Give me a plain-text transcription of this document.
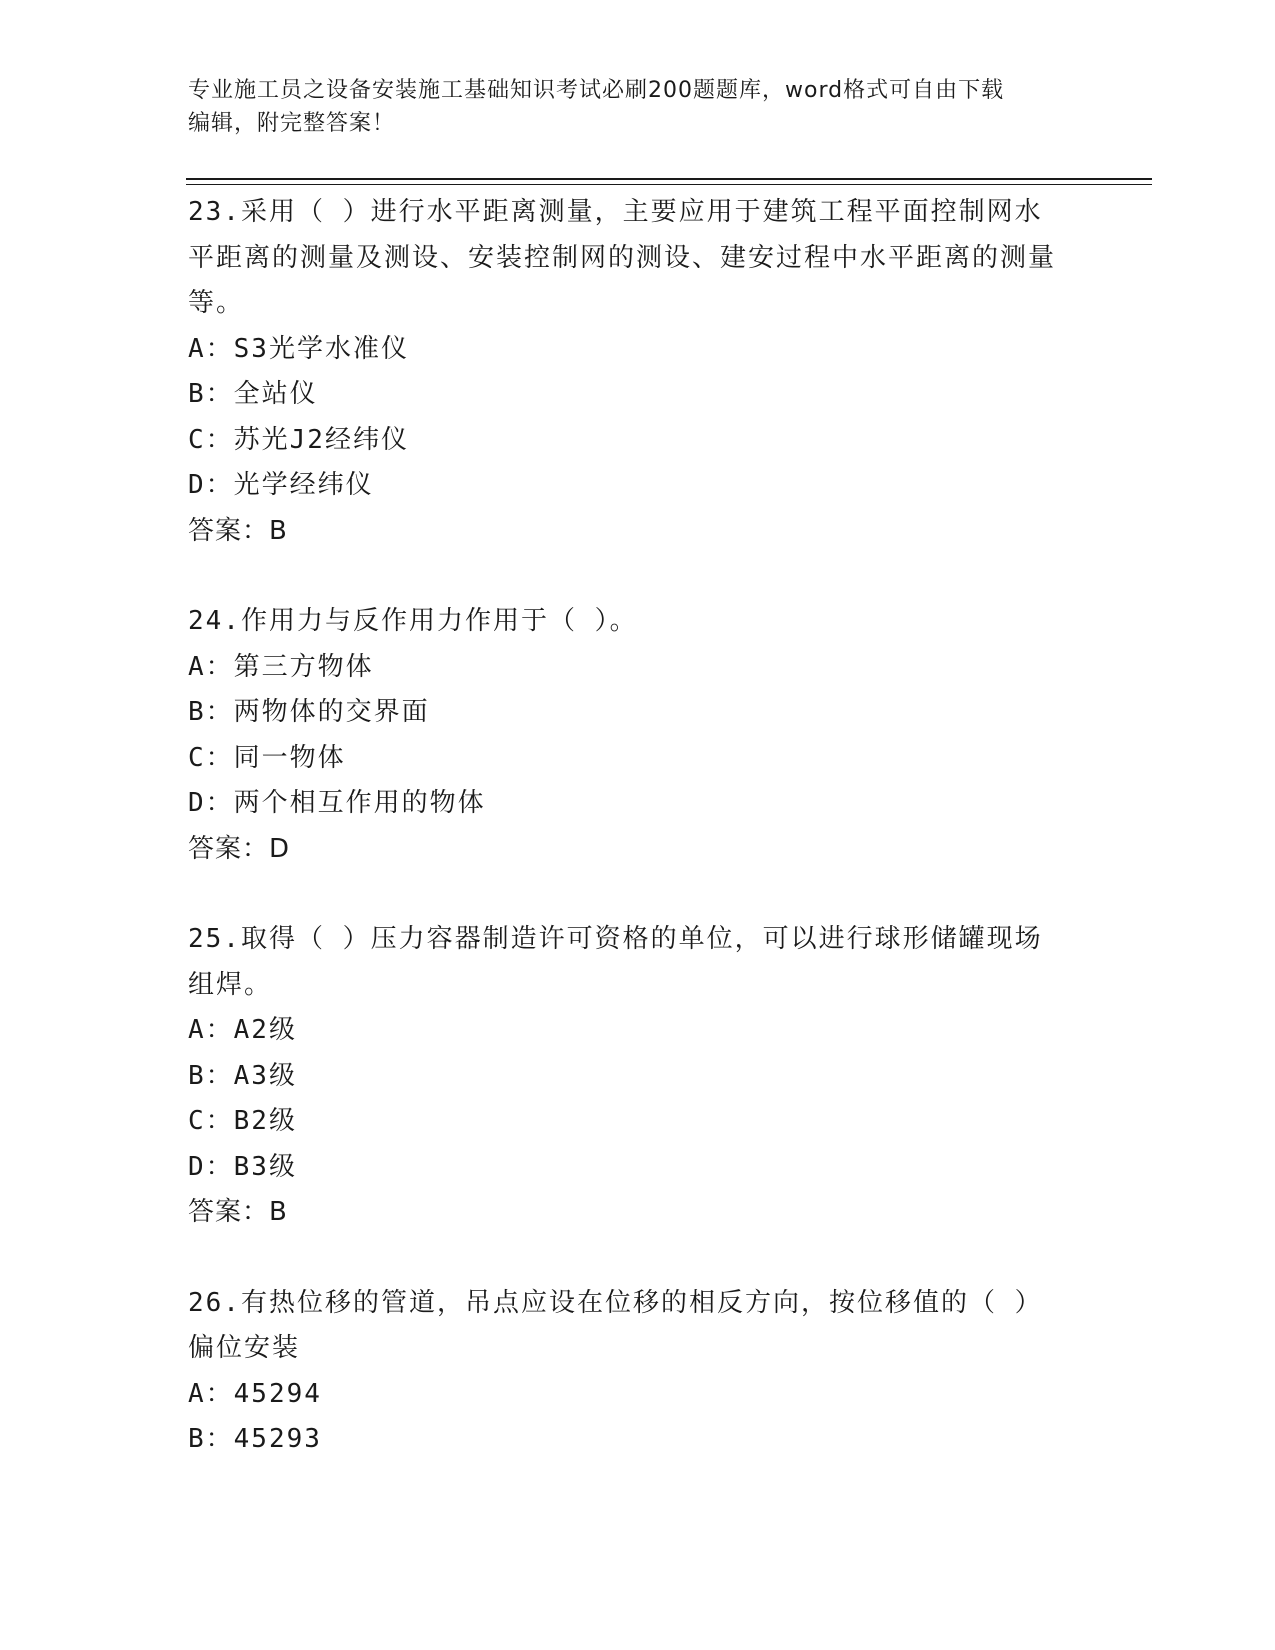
专业施工员之设备安装施工基础知识考试必刷200题题库，word格式可自由下载
编辑，附完整答案！

23.采用（ ）进行水平距离测量，主要应用于建筑工程平面控制网水平距离的测量及测设、安装控制网的测设、建安过程中水平距离的测量等。

A：S3光学水准仪

B：全站仪

C：苏光J2经纬仪

D：光学经纬仪

答案：B

24.作用力与反作用力作用于（ ）。

A：第三方物体

B：两物体的交界面

C：同一物体

D：两个相互作用的物体

答案：D

25.取得（ ）压力容器制造许可资格的单位，可以进行球形储罐现场组焊。

A：A2级

B：A3级

C：B2级

D：B3级

答案：B

26.有热位移的管道，吊点应设在位移的相反方向，按位移值的（ ）偏位安装

A：45294

B：45293
